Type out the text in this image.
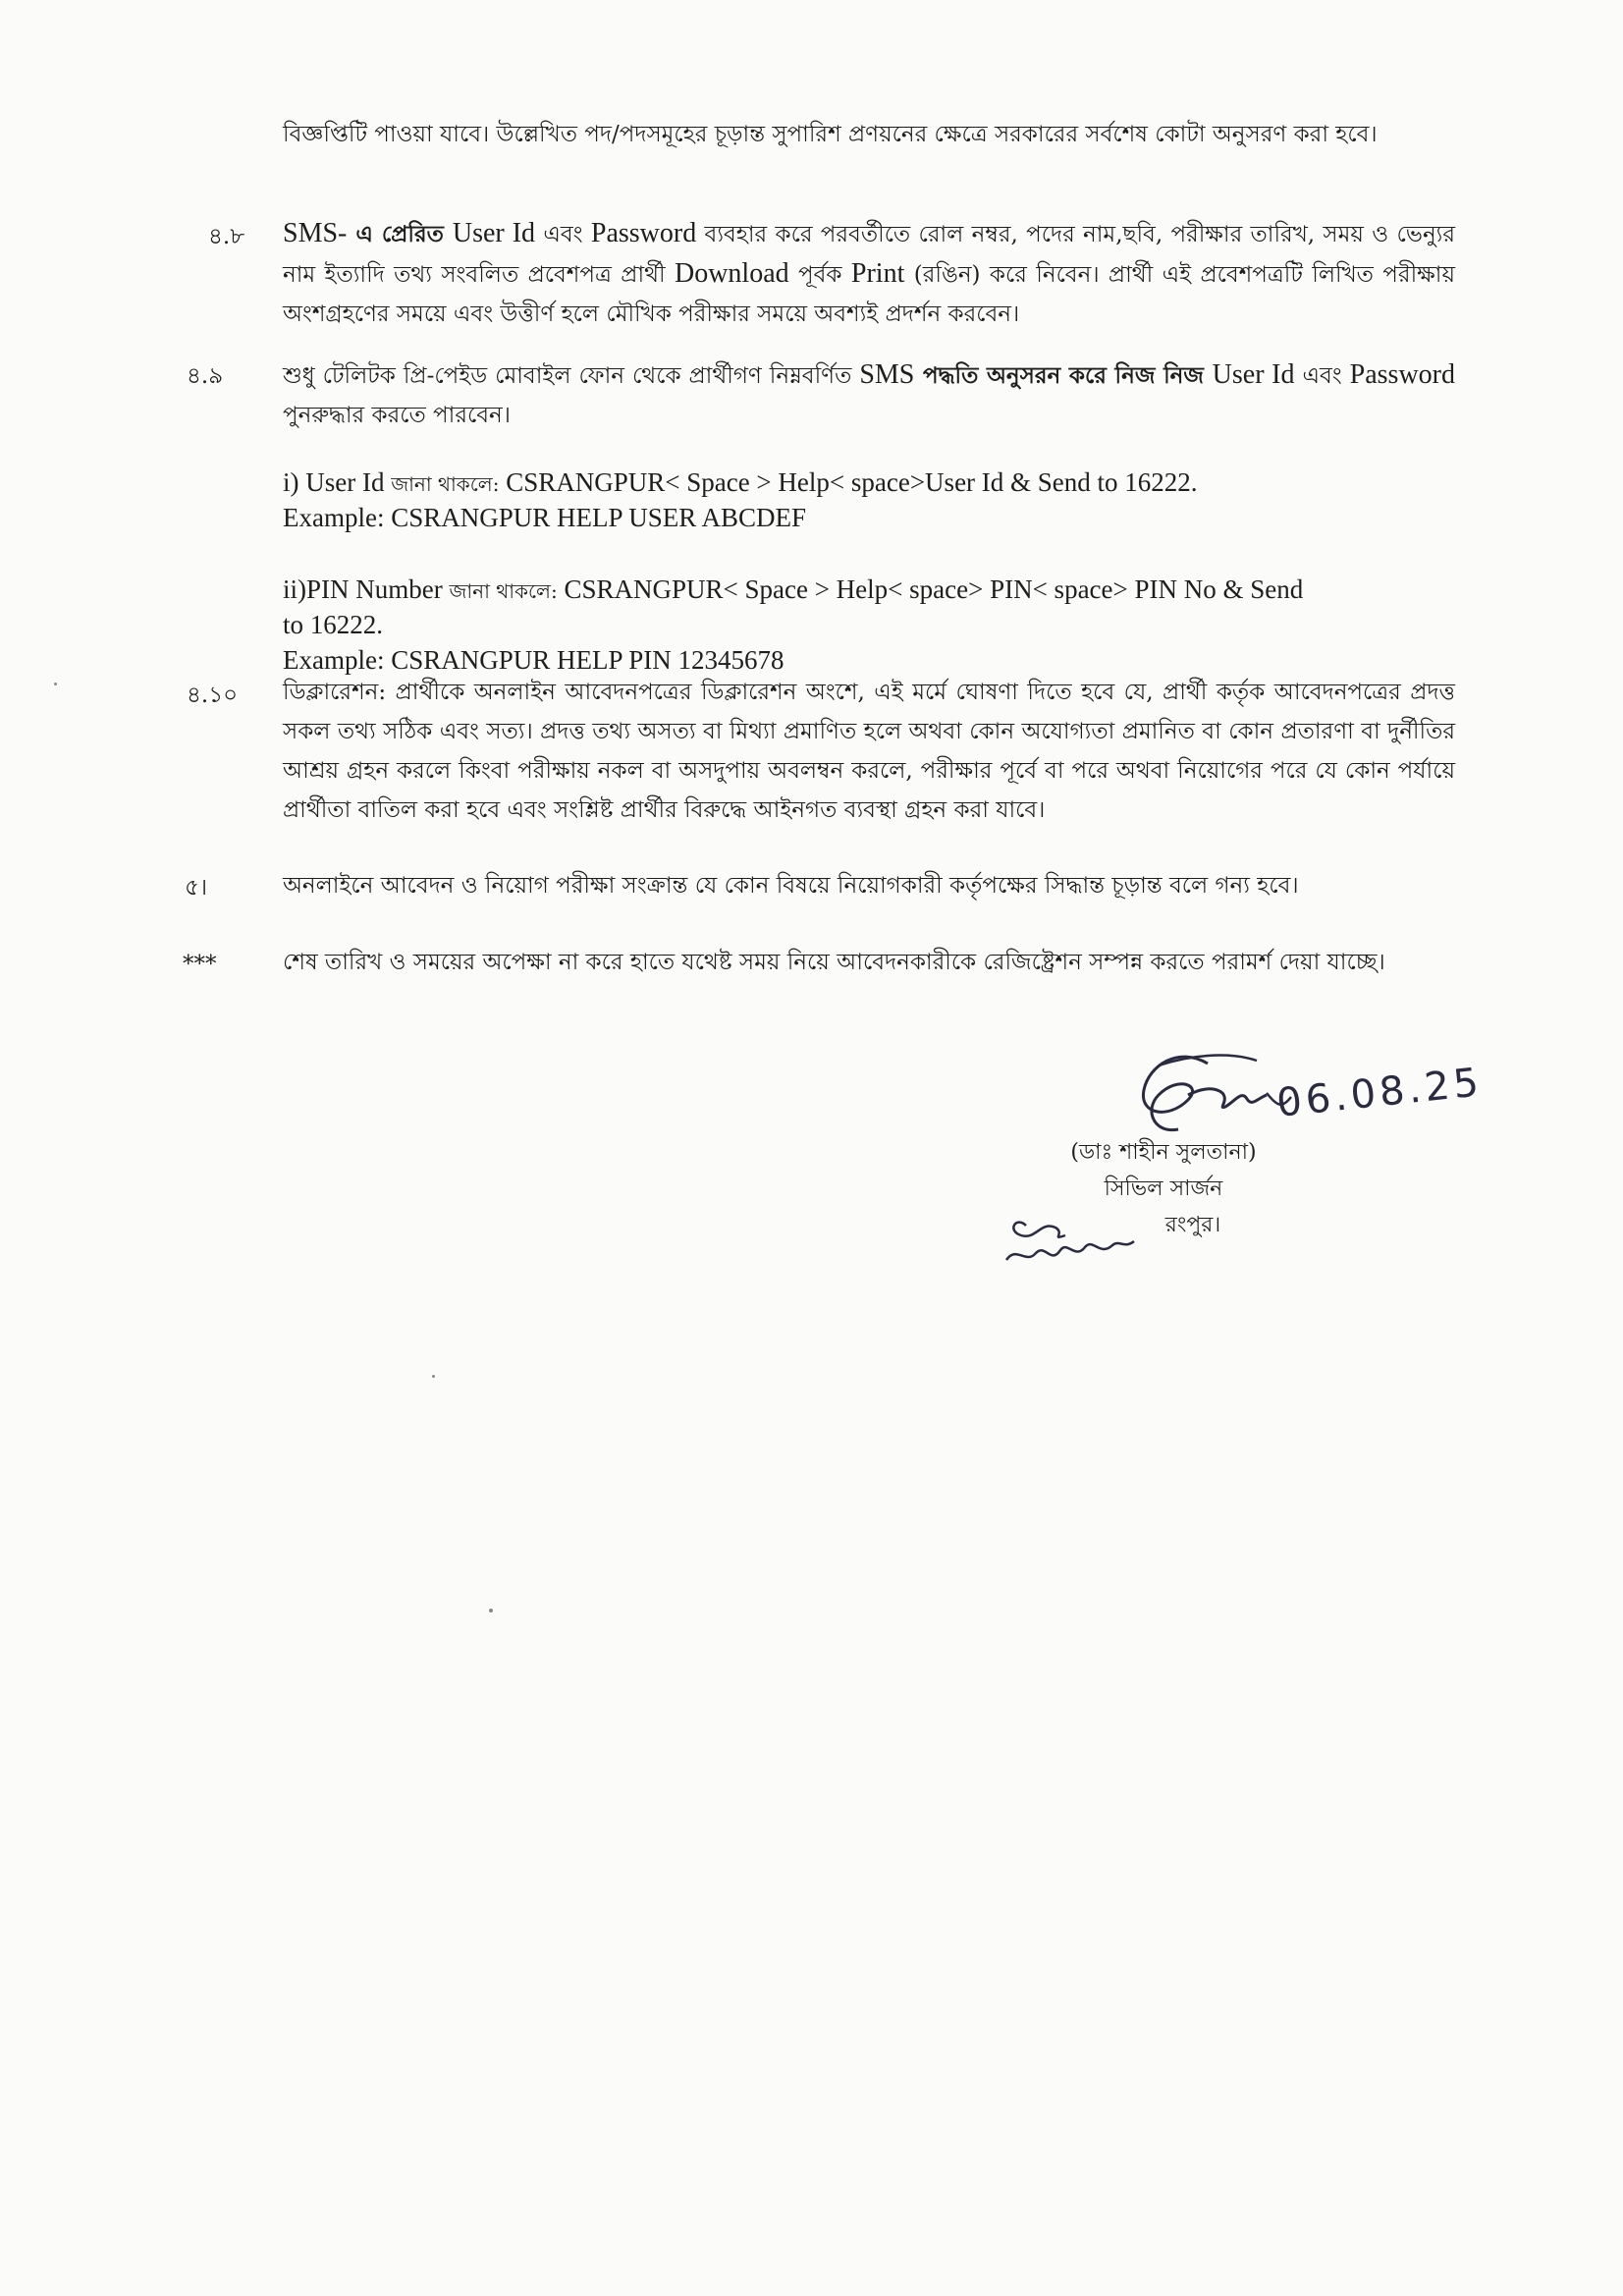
বিজ্ঞপ্তিটি পাওয়া যাবে। উল্লেখিত পদ/পদসমূহের চূড়ান্ত সুপারিশ প্রণয়নের ক্ষেত্রে সরকারের সর্বশেষ কোটা অনুসরণ করা হবে।

৪.৮ SMS- এ প্রেরিত User Id এবং Password ব্যবহার করে পরবর্তীতে রোল নম্বর, পদের নাম,ছবি, পরীক্ষার তারিখ, সময় ও ভেন্যুর নাম ইত্যাদি তথ্য সংবলিত প্রবেশপত্র প্রার্থী Download পূর্বক Print (রঙিন) করে নিবেন। প্রার্থী এই প্রবেশপত্রটি লিখিত পরীক্ষায় অংশগ্রহণের সময়ে এবং উত্তীর্ণ হলে মৌখিক পরীক্ষার সময়ে অবশ্যই প্রদর্শন করবেন।

৪.৯	শুধু টেলিটক প্রি-পেইড মোবাইল ফোন থেকে প্রার্থীগণ নিম্নবর্ণিত SMS পদ্ধতি অনুসরন করে নিজ নিজ User Id এবং Password পুনরুদ্ধার করতে পারবেন।

i) User Id জানা থাকলে: CSRANGPUR< Space > Help< space>User Id & Send to 16222.

Example: CSRANGPUR HELP USER ABCDEF

ii)PIN Number জানা থাকলে: CSRANGPUR< Space > Help< space> PIN< space> PIN No & Send

to 16222.

Example: CSRANGPUR HELP PIN 12345678

৪.১০ ডিক্লারেশন: প্রার্থীকে অনলাইন আবেদনপত্রের ডিক্লারেশন অংশে, এই মর্মে ঘোষণা দিতে হবে যে, প্রার্থী কর্তৃক আবেদনপত্রের প্রদত্ত সকল তথ্য সঠিক এবং সত্য। প্রদত্ত তথ্য অসত্য বা মিথ্যা প্রমাণিত হলে অথবা কোন অযোগ্যতা প্রমানিত বা কোন প্রতারণা বা দুর্নীতির আশ্রয় গ্রহন করলে কিংবা পরীক্ষায় নকল বা অসদুপায় অবলম্বন করলে, পরীক্ষার পূর্বে বা পরে অথবা নিয়োগের পরে যে কোন পর্যায়ে প্রার্থীতা বাতিল করা হবে এবং সংশ্লিষ্ট প্রার্থীর বিরুদ্ধে আইনগত ব্যবস্থা গ্রহন করা যাবে।

৫।	অনলাইনে আবেদন ও নিয়োগ পরীক্ষা সংক্রান্ত যে কোন বিষয়ে নিয়োগকারী কর্তৃপক্ষের সিদ্ধান্ত চূড়ান্ত বলে গন্য হবে।

***	শেষ তারিখ ও সময়ের অপেক্ষা না করে হাতে যথেষ্ট সময় নিয়ে আবেদনকারীকে রেজিষ্ট্রেশন সম্পন্ন করতে পরামর্শ দেয়া যাচ্ছে।

06.08.25
(ডাঃ শাহীন সুলতানা)
সিভিল সার্জন
রংপুর।
